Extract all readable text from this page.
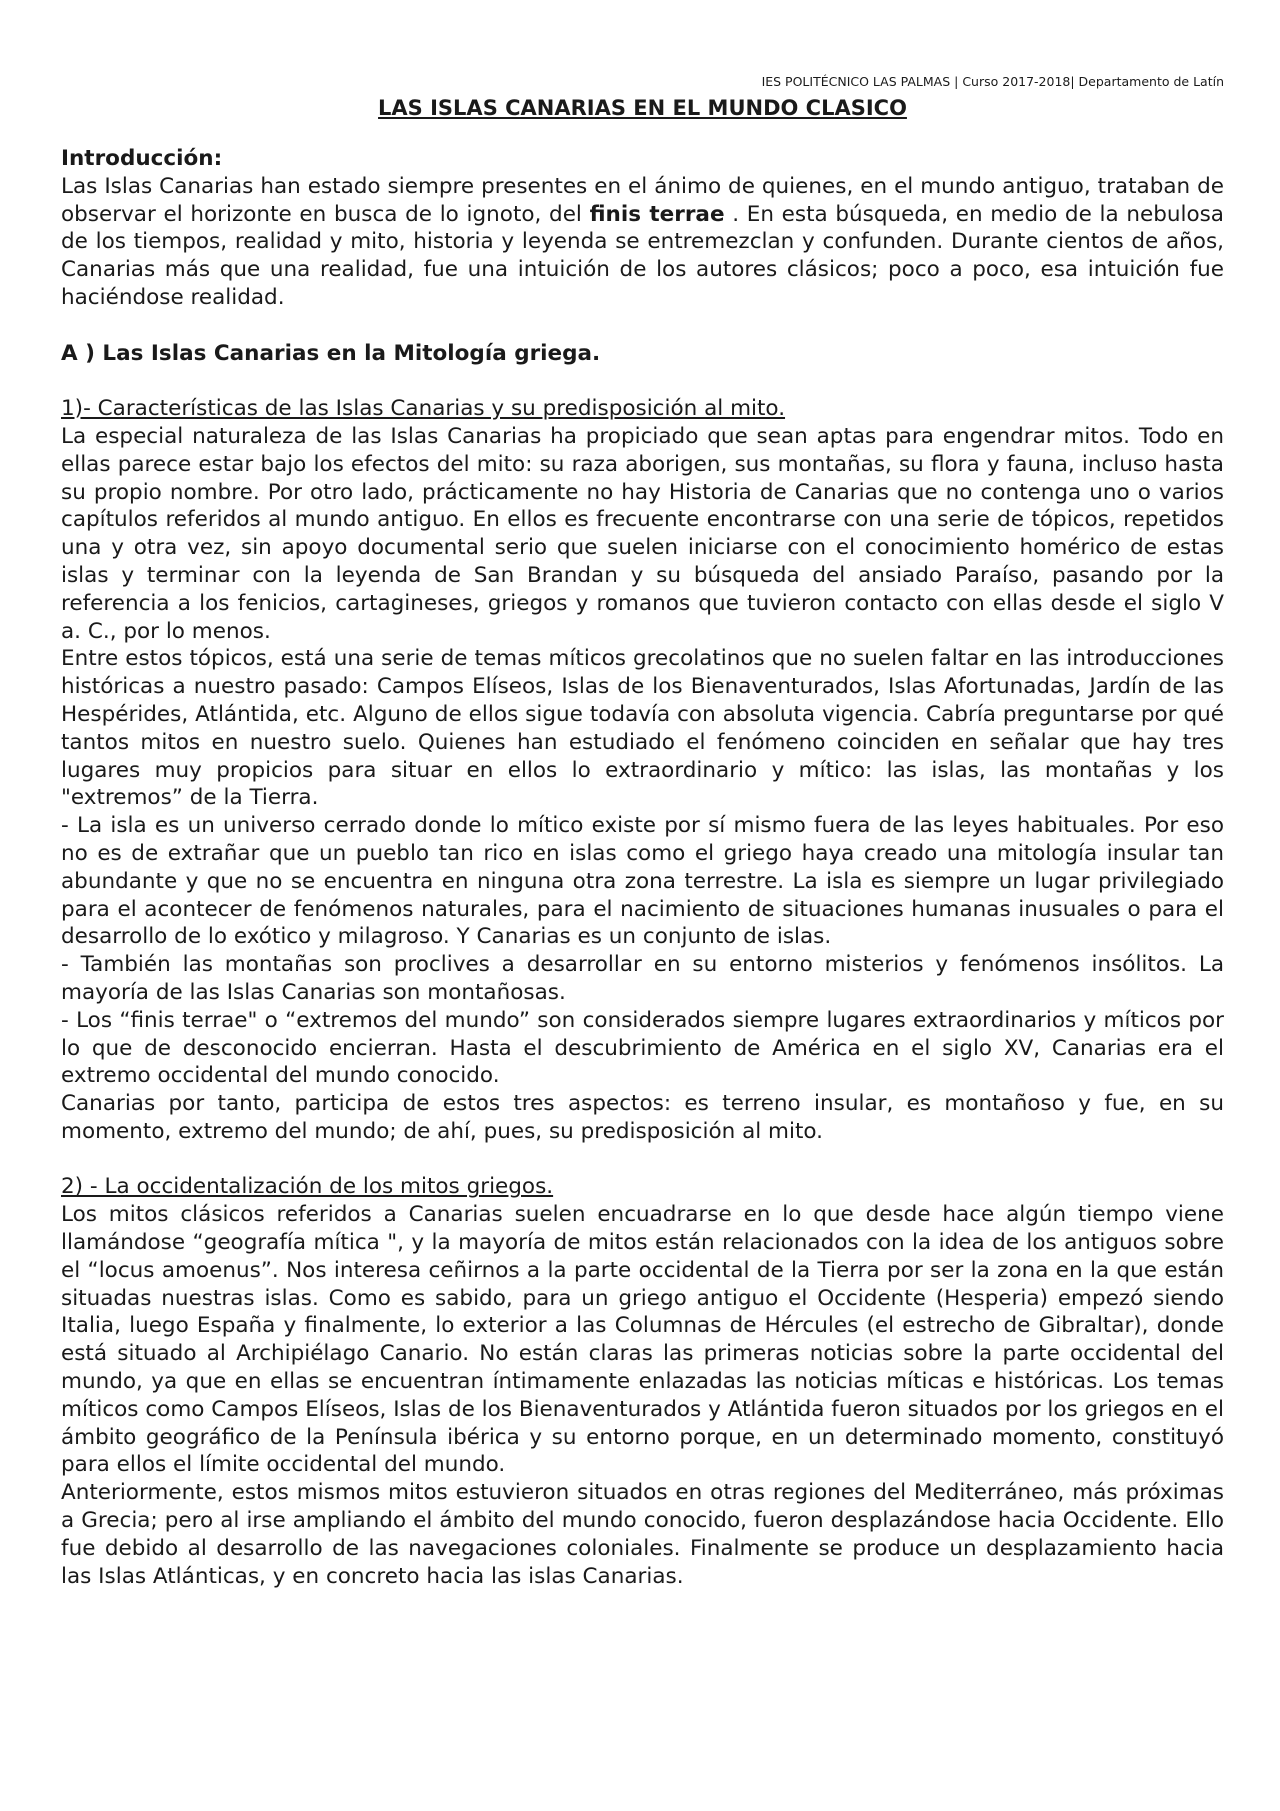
IES POLITÉCNICO LAS PALMAS | Curso 2017-2018| Departamento de Latín
LAS ISLAS CANARIAS EN EL MUNDO CLASICO
Introducción:

Las Islas Canarias han estado siempre presentes en el ánimo de quienes, en el mundo antiguo, trataban de observar el horizonte en busca de lo ignoto, del finis terrae . En esta búsqueda, en medio de la nebulosa de los tiempos, realidad y mito, historia y leyenda se entremezclan y confunden. Durante cientos de años, Canarias más que una realidad, fue una intuición de los autores clásicos; poco a poco, esa intuición fue haciéndose realidad.

A ) Las Islas Canarias en la Mitología griega.
1)- Características de las Islas Canarias y su predisposición al mito.

La especial naturaleza de las Islas Canarias ha propiciado que sean aptas para engendrar mitos. Todo en ellas parece estar bajo los efectos del mito: su raza aborigen, sus montañas, su flora y fauna, incluso hasta su propio nombre. Por otro lado, prácticamente no hay Historia de Canarias que no contenga uno o varios capítulos referidos al mundo antiguo. En ellos es frecuente encontrarse con una serie de tópicos, repetidos una y otra vez, sin apoyo documental serio que suelen iniciarse con el conocimiento homérico de estas islas y terminar con la leyenda de San Brandan y su búsqueda del ansiado Paraíso, pasando por la referencia a los fenicios, cartagineses, griegos y romanos que tuvieron contacto con ellas desde el siglo V a. C., por lo menos.

Entre estos tópicos, está una serie de temas míticos grecolatinos que no suelen faltar en las introducciones históricas a nuestro pasado: Campos Elíseos, Islas de los Bienaventurados, Islas Afortunadas, Jardín de las Hespérides, Atlántida, etc. Alguno de ellos sigue todavía con absoluta vigencia. Cabría preguntarse por qué tantos mitos en nuestro suelo. Quienes han estudiado el fenómeno coinciden en señalar que hay tres lugares muy propicios para situar en ellos lo extraordinario y mítico: las islas, las montañas y los "extremos” de la Tierra.

- La isla es un universo cerrado donde lo mítico existe por sí mismo fuera de las leyes habituales. Por eso no es de extrañar que un pueblo tan rico en islas como el griego haya creado una mitología insular tan abundante y que no se encuentra en ninguna otra zona terrestre. La isla es siempre un lugar privilegiado para el acontecer de fenómenos naturales, para el nacimiento de situaciones humanas inusuales o para el desarrollo de lo exótico y milagroso. Y Canarias es un conjunto de islas.

- También las montañas son proclives a desarrollar en su entorno misterios y fenómenos insólitos. La mayoría de las Islas Canarias son montañosas.

- Los “finis terrae" o “extremos del mundo” son considerados siempre lugares extraordinarios y míticos por lo que de desconocido encierran. Hasta el descubrimiento de América en el siglo XV, Canarias era el extremo occidental del mundo conocido.

Canarias por tanto, participa de estos tres aspectos: es terreno insular, es montañoso y fue, en su momento, extremo del mundo; de ahí, pues, su predisposición al mito.

2) - La occidentalización de los mitos griegos.

Los mitos clásicos referidos a Canarias suelen encuadrarse en lo que desde hace algún tiempo viene llamándose “geografía mítica ", y la mayoría de mitos están relacionados con la idea de los antiguos sobre el “locus amoenus”. Nos interesa ceñirnos a la parte occidental de la Tierra por ser la zona en la que están situadas nuestras islas. Como es sabido, para un griego antiguo el Occidente (Hesperia) empezó siendo Italia, luego España y finalmente, lo exterior a las Columnas de Hércules (el estrecho de Gibraltar), donde está situado al Archipiélago Canario. No están claras las primeras noticias sobre la parte occidental del mundo, ya que en ellas se encuentran íntimamente enlazadas las noticias míticas e históricas. Los temas míticos como Campos Elíseos, Islas de los Bienaventurados y Atlántida fueron situados por los griegos en el ámbito geográfico de la Península ibérica y su entorno porque, en un determinado momento, constituyó para ellos el límite occidental del mundo.

Anteriormente, estos mismos mitos estuvieron situados en otras regiones del Mediterráneo, más próximas a Grecia; pero al irse ampliando el ámbito del mundo conocido, fueron desplazándose hacia Occidente. Ello fue debido al desarrollo de las navegaciones coloniales. Finalmente se produce un desplazamiento hacia las Islas Atlánticas, y en concreto hacia las islas Canarias.
